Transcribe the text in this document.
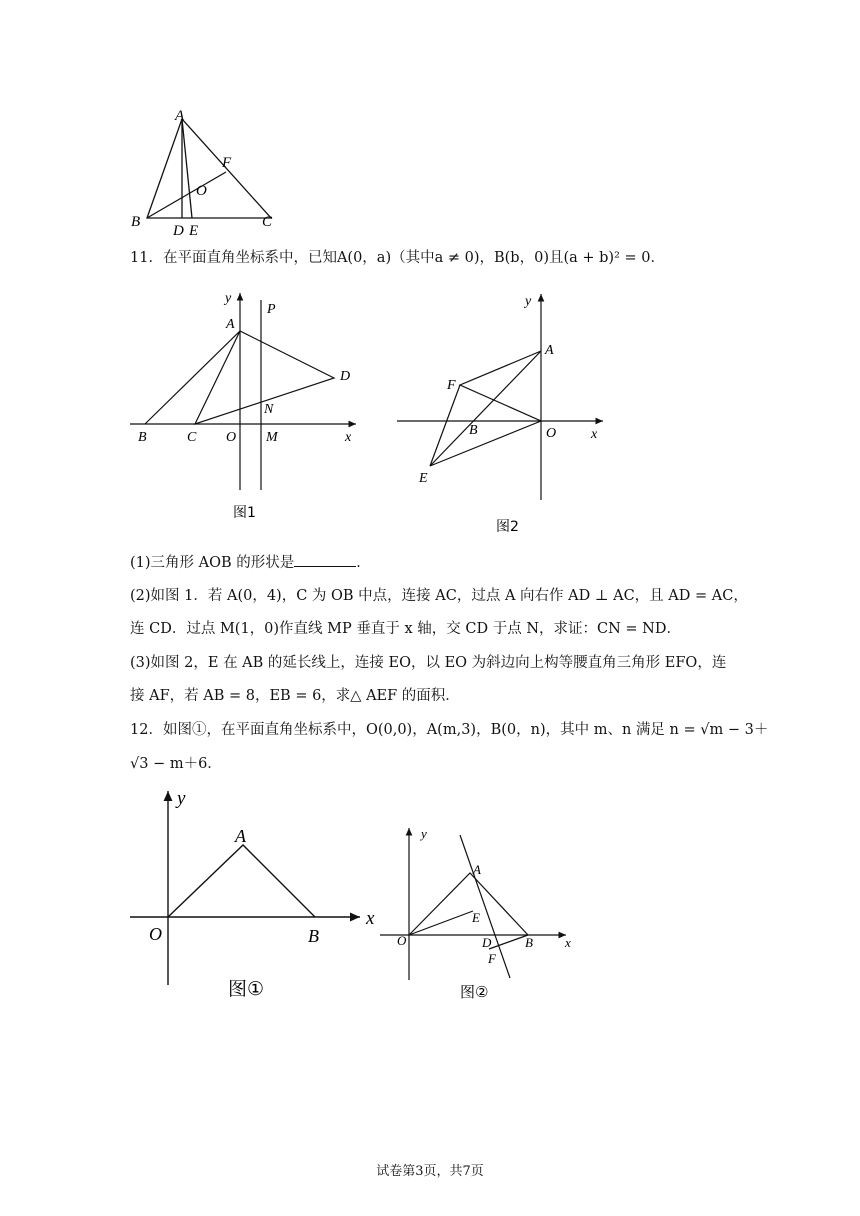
A
F
O
B
D E
C
11．在平面直角坐标系中，已知A(0，a)（其中a ≠ 0)，B(b，0)且(a + b)² = 0．
y
P
A
D
N
B	C O M	x
图1
y
A
F
B	O x
E
图2
(1)三角形 AOB 的形状是	．
(2)如图 1．若 A(0，4)，C 为 OB 中点，连接 AC，过点 A 向右作 AD ⊥ AC，且 AD = AC，
连 CD．过点 M(1，0)作直线 MP 垂直于 x 轴，交 CD 于点 N，求证：CN = ND．
(3)如图 2，E 在 AB 的延长线上，连接 EO，以 EO 为斜边向上构等腰直角三角形 EFO，连
接 AF，若 AB = 8，EB = 6，求△ AEF 的面积．
12．如图①，在平面直角坐标系中，O(0,0)，A(m,3)，B(0，n)，其中 m、n 满足 n = √m − 3＋
√3 − m＋6．
y
A
O	B
x
图①
y
A
E
O	D	B x
F
图②
试卷第3页，共7页
